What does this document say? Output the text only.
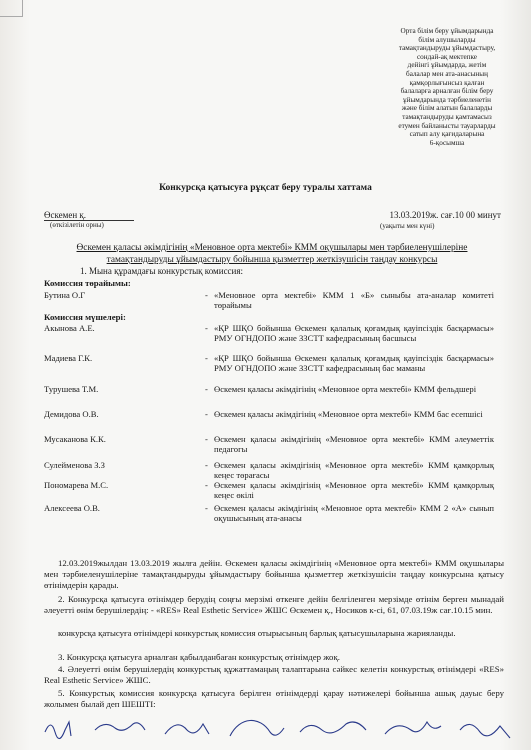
Орта білім беру ұйымдарында
білім алушыларды
тамақтандыруды ұйымдастыру,
сондай-ақ мектепке
дейінгі ұйымдарда, жетім
балалар мен ата-анасының
қамқорлығынсыз қалған
балаларға арналған білім беру
ұйымдарында тәрбиеленетін
және білім алатын балаларды
тамақтандыруды қамтамасыз
етумен байланысты тауарларды
сатып алу қағидаларына
6-қосымша
Конкурсқа қатысуға рұқсат беру туралы хаттама
Өскемен қ.
(өткізілетін орны)
13.03.2019ж. сағ.10 00 минут
(уақыты мен күні)
Өскемен қаласы әкімдігінің «Меновное орта мектебі» КММ оқушылары мен тәрбиеленушілеріне тамақтандыруды ұйымдастыру бойынша қызметтер жеткізушісін таңдау конкурсы
1. Мына құрамдағы конкурстық комиссия:
Комиссия төрайымы:
Бутина О.Г	- «Меновное орта мектебі» КММ 1 «Б» сыныбы ата-аналар комитеті төрайымы
Комиссия мүшелері:
Акынова А.Е.	- «ҚР ШҚО бойынша Өскемен қалалық қоғамдық қауіпсіздік басқармасы» РМУ ОГНДОПО және ЗЗСТТ кафедрасының басшысы
Мадиева Г.К.	- «ҚР ШҚО бойынша Өскемен қалалық қоғамдық қауіпсіздік басқармасы» РМУ ОГНДОПО және ЗЗСТТ кафедрасының бас маманы
Турушева Т.М.	- Өскемен қаласы әкімдігінің «Меновное орта мектебі» КММ фельдшері
Демидова О.В.	- Өскемен қаласы әкімдігінің «Меновное орта мектебі» КММ бас есепшісі
Мусаканова К.К.	- Өскемен қаласы әкімдігінің «Меновное орта мектебі» КММ әлеуметтік педагогы
Сулейменова З.З	- Өскемен қаласы әкімдігінің «Меновное орта мектебі» КММ қамқорлық кеңес төрағасы
Пономарева М.С.	- Өскемен қаласы әкімдігінің «Меновное орта мектебі» КММ қамқорлық кеңес өкілі
Алексеева О.В.	- Өскемен қаласы әкімдігінің «Меновное орта мектебі» КММ 2 «А» сынып оқушысының ата-анасы
12.03.2019жылдан 13.03.2019 жылға дейін. Өскемен қаласы әкімдігінің «Меновное орта мектебі» КММ оқушылары мен тәрбиеленушілеріне тамақтандыруды ұйымдастыру бойынша қызметтер жеткізушісін таңдау конкурсына қатысу өтінімдерін қарады.
2. Конкурсқа қатысуға өтінімдер берудің соңғы мерзімі өткенге дейін белгіленген мерзімде өтінім берген мынадай әлеуетті өнім берушілердің: - «RES» Real Esthetic Service» ЖШС Өскемен қ., Носиков к-сі, 61, 07.03.19ж сағ.10.15 мин.
конкурсқа қатысуға өтінімдері конкурстық комиссия отырысының барлық қатысушыларына жарияланды.
3. Конкурсқа қатысуға арналған қабылданбаған конкурстық өтінімдер жоқ.
4. Әлеуетті өнім берушілердің конкурстық құжаттамаңың талаптарына сәйкес келетін конкурстық өтінімдері «RES» Real Esthetic Service» ЖШС.
5. Конкурстық комиссия конкурсқа қатысуға берілген өтінімдерді қарау нәтижелері бойынша ашық дауыс беру жолымен былай деп ШЕШТІ:
